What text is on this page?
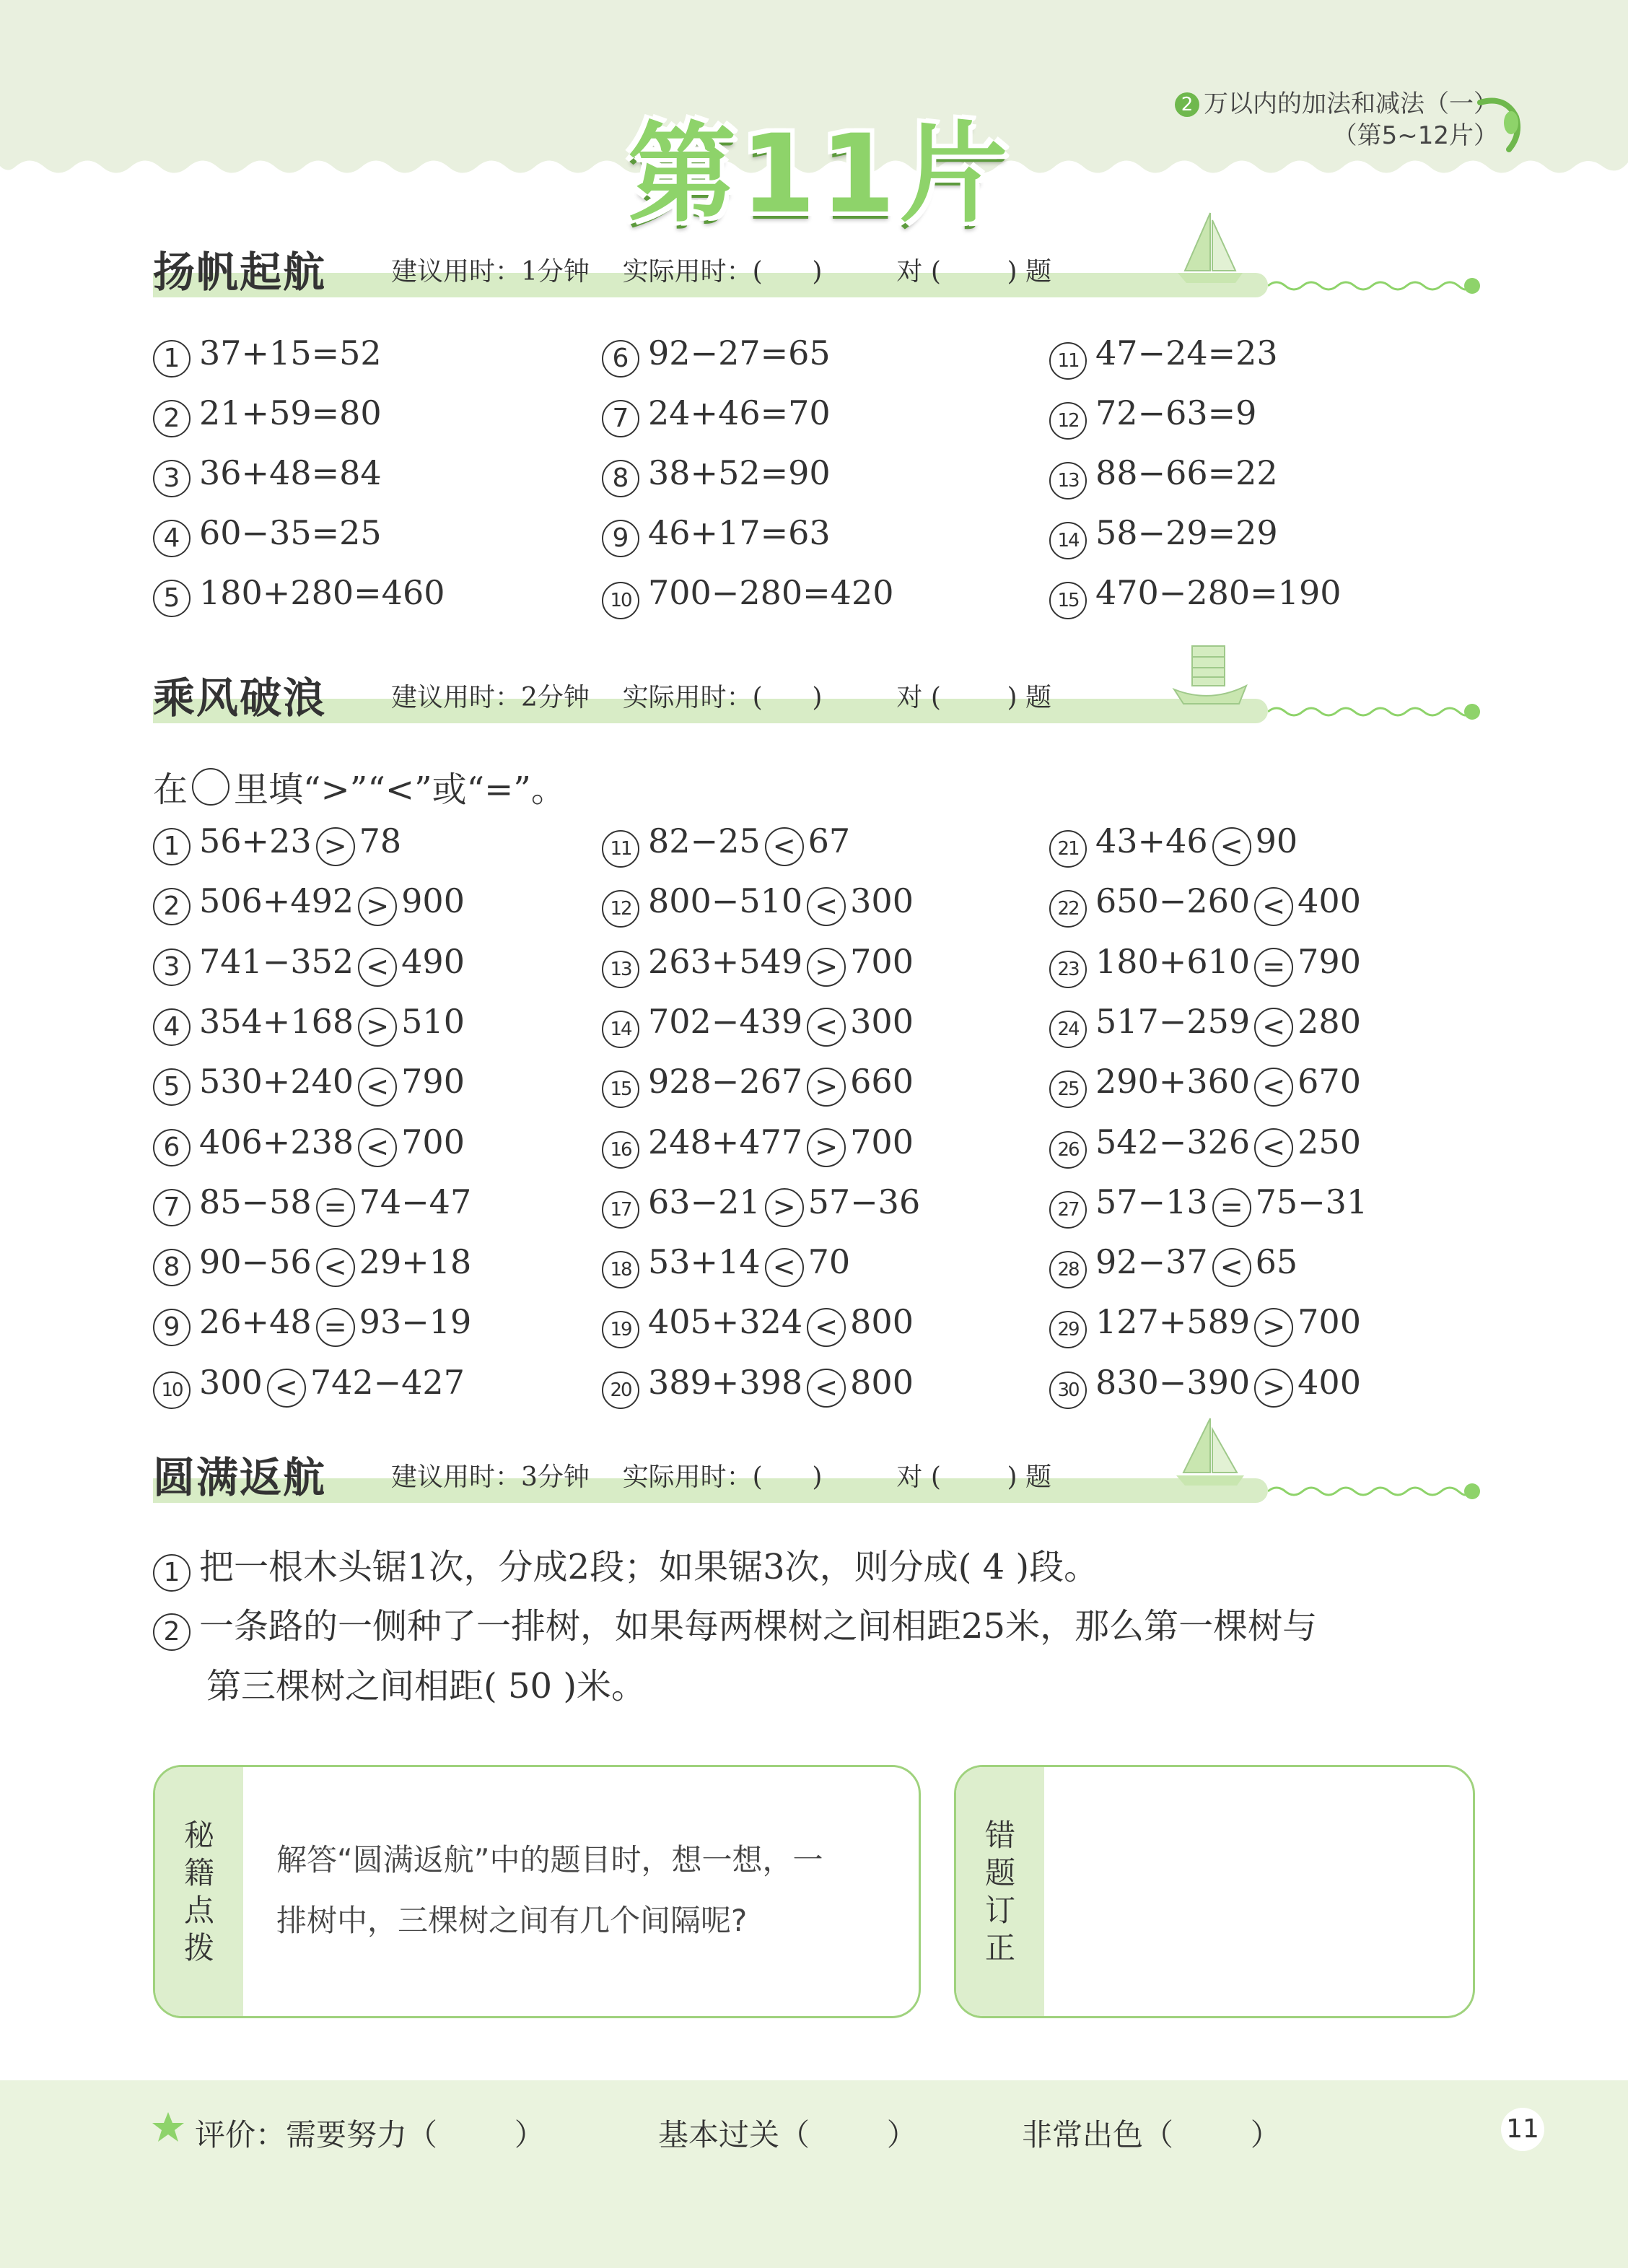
第11片
2 万以内的加法和减法（一）
（第5~12片）
扬帆起航 建议用时：1分钟    实际用时：(      )         对 (        ) 题
1 37+15=52	6 92−27=65	11 47−24=23
2 21+59=80	7 24+46=70	12 72−63=9
3 36+48=84	8 38+52=90	13 88−66=22
4 60−35=25	9 46+17=63	14 58−29=29
5 180+280=460	10 700−280=420	15 470−280=190
乘风破浪 建议用时：2分钟    实际用时：(      )         对 (        ) 题
在 里填“>”“<”或“=”。
1 56+23 > 78	11 82−25 < 67	21 43+46 < 90
2 506+492 > 900	12 800−510 < 300	22 650−260 < 400
3 741−352 < 490	13 263+549 > 700	23 180+610 = 790
4 354+168 > 510	14 702−439 < 300	24 517−259 < 280
5 530+240 < 790	15 928−267 > 660	25 290+360 < 670
6 406+238 < 700	16 248+477 > 700	26 542−326 < 250
7 85−58 = 74−47	17 63−21 > 57−36	27 57−13 = 75−31
8 90−56 < 29+18	18 53+14 < 70	28 92−37 < 65
9 26+48 = 93−19	19 405+324 < 800	29 127+589 > 700
10 300 < 742−427	20 389+398 < 800	30 830−390 > 400
圆满返航 建议用时：3分钟    实际用时：(      )         对 (        ) 题
1 把一根木头锯1次，分成2段；如果锯3次，则分成( 4 )段。
2 一条路的一侧种了一排树，如果每两棵树之间相距25米，那么第一棵树与
第三棵树之间相距( 50 )米。
秘
籍
点
拨
解答“圆满返航”中的题目时，想一想，一
排树中，三棵树之间有几个间隔呢?
错
题
订
正
评价：需要努力（        ）	基本过关（        ）	非常出色（        ）	11
